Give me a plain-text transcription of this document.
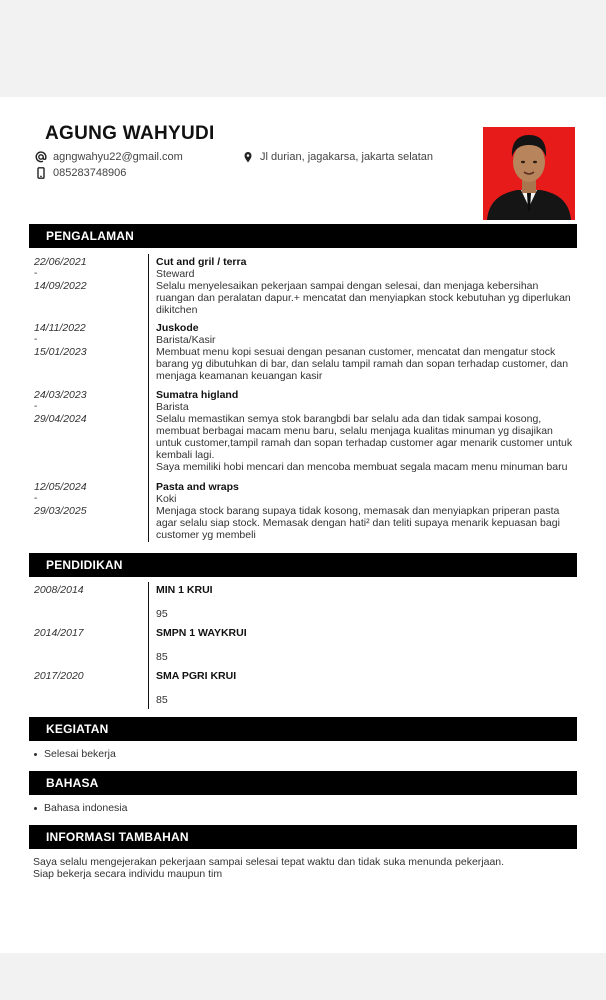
AGUNG WAHYUDI
agngwahyu22@gmail.com
085283748906
Jl durian, jagakarsa, jakarta selatan
PENGALAMAN
22/06/2021
-
14/09/2022
Cut and gril / terra
Steward

Selalu menyelesaikan pekerjaan sampai dengan selesai, dan menjaga kebersihan ruangan dan peralatan dapur.+ mencatat dan menyiapkan stock kebutuhan yg diperlukan dikitchen

14/11/2022
-
15/01/2023
Juskode
Barista/Kasir

Membuat menu kopi sesuai dengan pesanan customer, mencatat dan mengatur stock barang yg dibutuhkan di bar, dan selalu tampil ramah dan sopan terhadap customer, dan menjaga keamanan keuangan kasir

24/03/2023
-
29/04/2024
Sumatra higland
Barista

Selalu memastikan semya stok barangbdi bar selalu ada dan tidak sampai kosong, membuat berbagai macam menu baru, selalu menjaga kualitas minuman yg disajikan untuk customer,tampil ramah dan sopan terhadap customer agar menarik customer untuk kembali lagi.

Saya memiliki hobi mencari dan mencoba membuat segala macam menu minuman baru

12/05/2024
-
29/03/2025
Pasta and wraps
Koki

Menjaga stock barang supaya tidak kosong, memasak dan menyiapkan priperan pasta agar selalu siap stock. Memasak dengan hati² dan teliti supaya menarik kepuasan bagi customer yg membeli

PENDIDIKAN
2008/2014	MIN 1 KRUI
95
2014/2017	SMPN 1 WAYKRUI
85
2017/2020	SMA PGRI KRUI
85
KEGIATAN
Selesai bekerja
BAHASA
Bahasa indonesia
INFORMASI TAMBAHAN

Saya selalu mengejerakan pekerjaan sampai selesai tepat waktu dan tidak suka menunda pekerjaan.

Siap bekerja secara individu maupun tim
